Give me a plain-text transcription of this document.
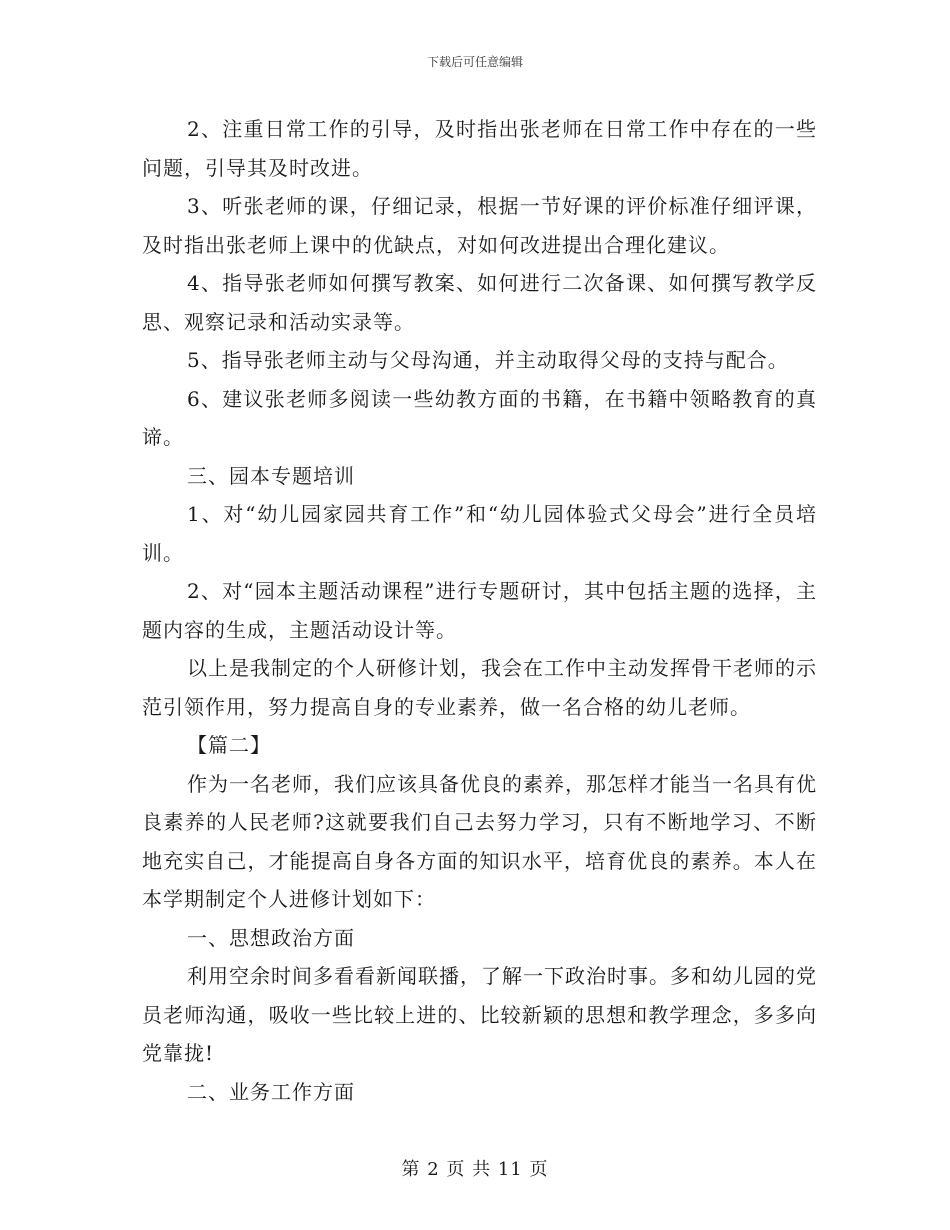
下载后可任意编辑

2、注重日常工作的引导，及时指出张老师在日常工作中存在的一些问题，引导其及时改进。

3、听张老师的课，仔细记录，根据一节好课的评价标准仔细评课，及时指出张老师上课中的优缺点，对如何改进提出合理化建议。

4、指导张老师如何撰写教案、如何进行二次备课、如何撰写教学反思、观察记录和活动实录等。

5、指导张老师主动与父母沟通，并主动取得父母的支持与配合。

6、建议张老师多阅读一些幼教方面的书籍，在书籍中领略教育的真谛。

三、园本专题培训

1、对“幼儿园家园共育工作”和“幼儿园体验式父母会”进行全员培训。

2、对“园本主题活动课程”进行专题研讨，其中包括主题的选择，主题内容的生成，主题活动设计等。

以上是我制定的个人研修计划，我会在工作中主动发挥骨干老师的示范引领作用，努力提高自身的专业素养，做一名合格的幼儿老师。

【篇二】

作为一名老师，我们应该具备优良的素养，那怎样才能当一名具有优良素养的人民老师?这就要我们自己去努力学习，只有不断地学习、不断地充实自己，才能提高自身各方面的知识水平，培育优良的素养。本人在本学期制定个人进修计划如下：

一、思想政治方面

利用空余时间多看看新闻联播，了解一下政治时事。多和幼儿园的党员老师沟通，吸收一些比较上进的、比较新颖的思想和教学理念，多多向党靠拢!

二、业务工作方面

第 2 页 共 11 页
